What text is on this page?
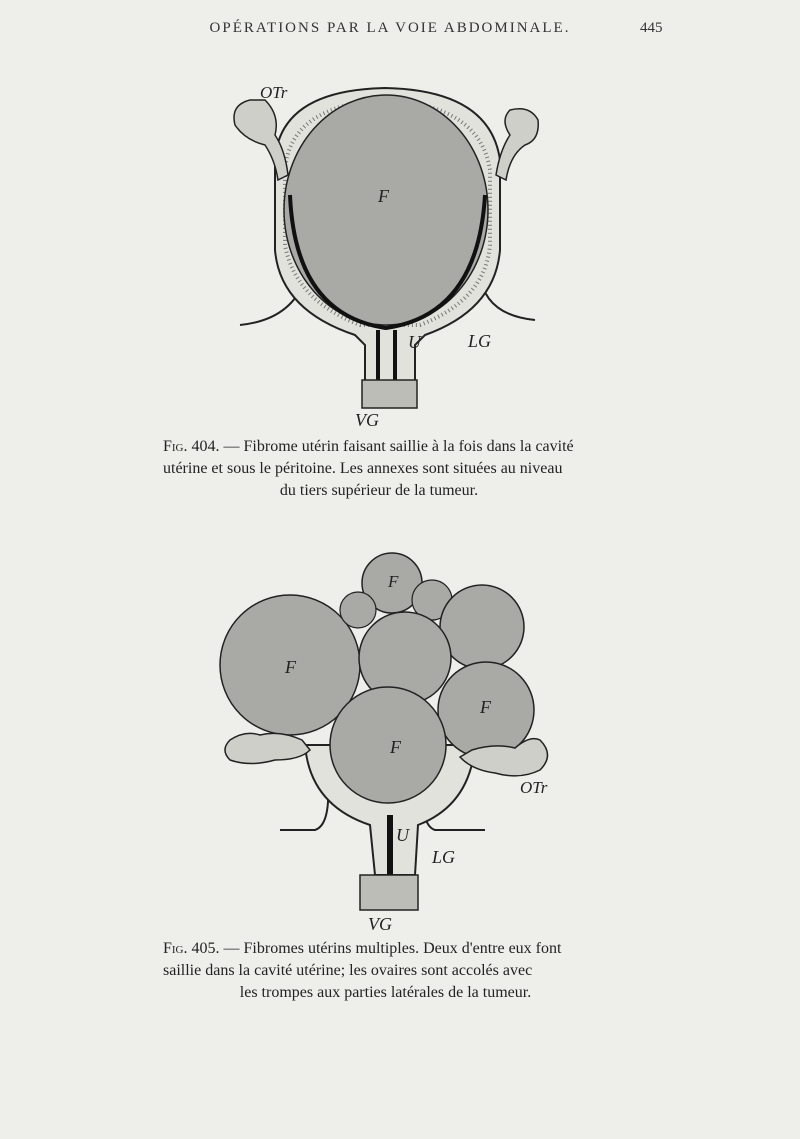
OPÉRATIONS PAR LA VOIE ABDOMINALE.	445
OTr
F
U	LG
VG
Fig. 404. — Fibrome utérin faisant saillie à la fois dans la cavité
utérine et sous le péritoine. Les annexes sont situées au niveau
du tiers supérieur de la tumeur.
F
F
F
F
OTr
U
LG
VG
Fig. 405. — Fibromes utérins multiples. Deux d'entre eux font
saillie dans la cavité utérine; les ovaires sont accolés avec
les trompes aux parties latérales de la tumeur.
